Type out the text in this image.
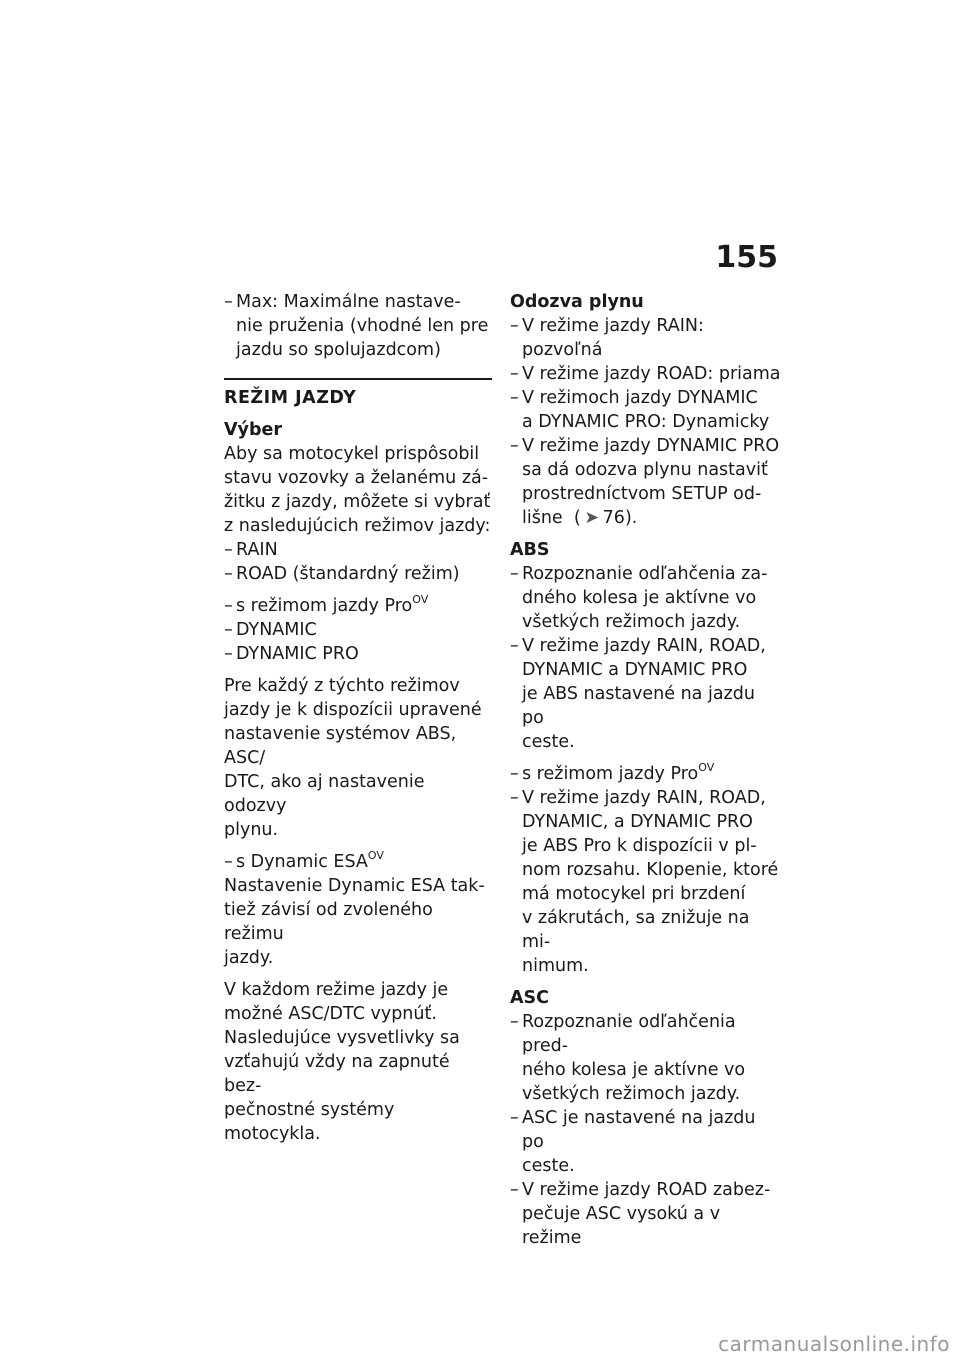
155
– Max: Maximálne nastave-
nie pruženia (vhodné len pre
jazdu so spolujazdcom)
REŽIM JAZDY
Výber
Aby sa motocykel prispôsobil
stavu vozovky a želanému zá-
žitku z jazdy, môžete si vybrať
z nasledujúcich režimov jazdy:
– RAIN
– ROAD (štandardný režim)
– s režimom jazdy Pro$^{OV}$
– DYNAMIC
– DYNAMIC PRO
Pre každý z týchto režimov
jazdy je k dispozícii upravené
nastavenie systémov ABS, ASC/
DTC, ako aj nastavenie odozvy
plynu.
– s Dynamic $ESA^{OV}$
Nastavenie Dynamic ESA tak-
tiež závisí od zvoleného režimu
jazdy.
V každom režime jazdy je
možné ASC/DTC vypnúť.
Nasledujúce vysvetlivky sa
vzťahujú vždy na zapnuté bez-
pečnostné systémy motocykla.
Odozva plynu
– V režime jazdy RAIN: pozvoľná
– V režime jazdy ROAD: priama
– V režimoch jazdy DYNAMIC
a DYNAMIC PRO: Dynamicky
– V režime jazdy DYNAMIC PRO
sa dá odozva plynu nastaviť
prostredníctvom SETUP od-
lišne ( ➤ 76).
ABS
– Rozpoznanie odľahčenia za-
dného kolesa je aktívne vo
všetkých režimoch jazdy.
– V režime jazdy RAIN, ROAD,
DYNAMIC a DYNAMIC PRO
je ABS nastavené na jazdu po
ceste.
– s režimom jazdy Pro$^{OV}$
– V režime jazdy RAIN, ROAD,
DYNAMIC, a DYNAMIC PRO
je ABS Pro k dispozícii v pl-
nom rozsahu. Klopenie, ktoré
má motocykel pri brzdení
v zákrutách, sa znižuje na mi-
nimum.
ASC
– Rozpoznanie odľahčenia pred-
ného kolesa je aktívne vo
všetkých režimoch jazdy.
– ASC je nastavené na jazdu po
ceste.
– V režime jazdy ROAD zabez-
pečuje ASC vysokú a v režime
carmanualsonline.info
